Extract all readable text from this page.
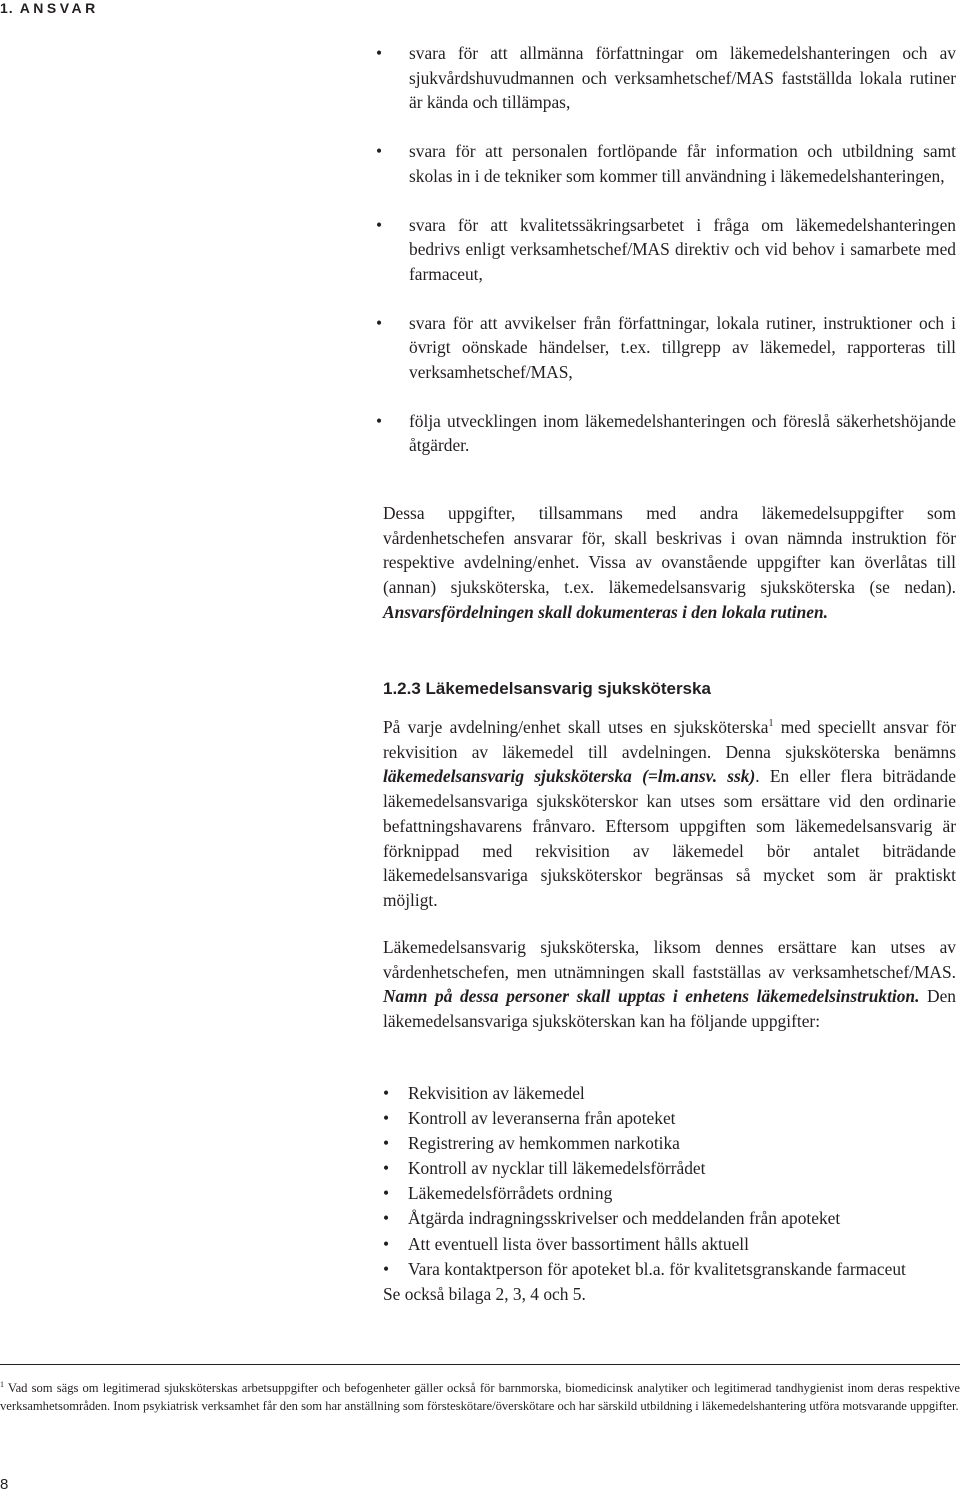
1. ANSVAR
• svara för att allmänna författningar om läkemedelshanteringen och av sjukvårdshuvudmannen och verksamhetschef/MAS fastställda lokala rutiner är kända och tillämpas,
• svara för att personalen fortlöpande får information och utbildning samt skolas in i de tekniker som kommer till användning i läkemedelshanteringen,
• svara för att kvalitetssäkringsarbetet i fråga om läkemedelshanteringen bedrivs enligt verksamhetschef/MAS direktiv och vid behov i samarbete med farmaceut,
• svara för att avvikelser från författningar, lokala rutiner, instruktioner och i övrigt oönskade händelser, t.ex. tillgrepp av läkemedel, rapporteras till verksamhetschef/MAS,
• följa utvecklingen inom läkemedelshanteringen och föreslå säkerhetshöjande åtgärder.

Dessa uppgifter, tillsammans med andra läkemedelsuppgifter som vårdenhetschefen ansvarar för, skall beskrivas i ovan nämnda instruktion för respektive avdelning/enhet. Vissa av ovanstående uppgifter kan överlåtas till (annan) sjuksköterska, t.ex. läkemedelsansvarig sjuksköterska (se nedan). Ansvarsfördelningen skall dokumenteras i den lokala rutinen.

1.2.3 Läkemedelsansvarig sjuksköterska

På varje avdelning/enhet skall utses en sjuksköterska$^1$ med speciellt ansvar för rekvisition av läkemedel till avdelningen. Denna sjuksköterska benämns läkemedelsansvarig sjuksköterska (=lm.ansv. ssk). En eller flera biträdande läkemedelsansvariga sjuksköterskor kan utses som ersättare vid den ordinarie befattningshavarens frånvaro. Eftersom uppgiften som läkemedelsansvarig är förknippad med rekvisition av läkemedel bör antalet biträdande läkemedelsansvariga sjuksköterskor begränsas så mycket som är praktiskt möjligt.

Läkemedelsansvarig sjuksköterska, liksom dennes ersättare kan utses av vårdenhetschefen, men utnämningen skall fastställas av verksamhetschef/MAS. Namn på dessa personer skall upptas i enhetens läkemedelsinstruktion. Den läkemedelsansvariga sjuksköterskan kan ha följande uppgifter:

• Rekvisition av läkemedel
• Kontroll av leveranserna från apoteket
• Registrering av hemkommen narkotika
• Kontroll av nycklar till läkemedelsförrådet
• Läkemedelsförrådets ordning
• Åtgärda indragningsskrivelser och meddelanden från apoteket
• Att eventuell lista över bassortiment hålls aktuell
• Vara kontaktperson för apoteket bl.a. för kvalitetsgranskande farmaceut
Se också bilaga 2, 3, 4 och 5.
$^1$ Vad som sägs om legitimerad sjuksköterskas arbetsuppgifter och befogenheter gäller också för barnmorska, biomedicinsk analytiker och legitimerad tandhygienist inom deras respektive verksamhetsområden. Inom psykiatrisk verksamhet får den som har anställning som försteskötare/överskötare och har särskild utbildning i läkemedelshantering utföra motsvarande uppgifter.
8
